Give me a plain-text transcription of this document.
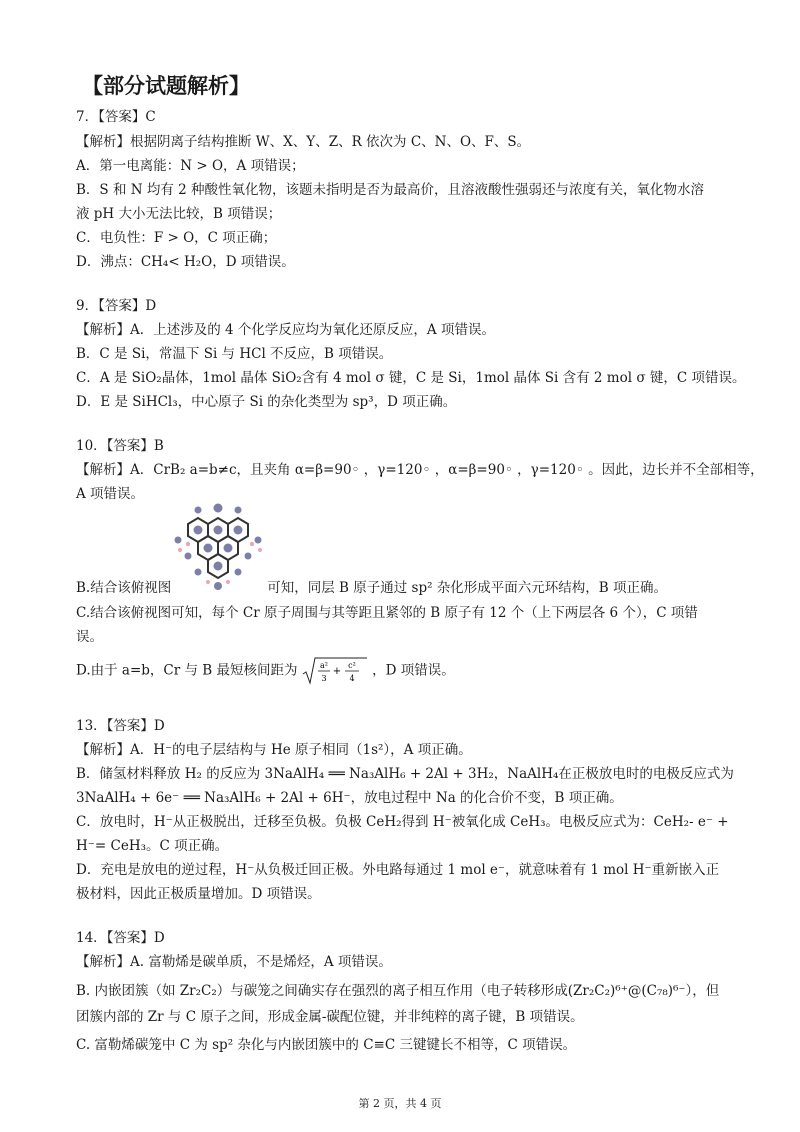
【部分试题解析】
7．【答案】C
【解析】根据阴离子结构推断 W、X、Y、Z、R 依次为 C、N、O、F、S。
A．第一电离能：N > O，A 项错误；
B．S 和 N 均有 2 种酸性氧化物，该题未指明是否为最高价，且溶液酸性强弱还与浓度有关，氧化物水溶
液 pH 大小无法比较，B 项错误；
C．电负性：F > O，C 项正确；
D．沸点：CH₄< H₂O，D 项错误。
9．【答案】D
【解析】A．上述涉及的 4 个化学反应均为氧化还原反应，A 项错误。
B．C 是 Si，常温下 Si 与 HCl 不反应，B 项错误。
C．A 是 SiO₂晶体，1mol 晶体 SiO₂含有 4 mol σ 键，C 是 Si，1mol 晶体 Si 含有 2 mol σ 键，C 项错误。
D．E 是 SiHCl₃，中心原子 Si 的杂化类型为 sp³，D 项正确。
10．【答案】B
【解析】A．CrB₂ a=b≠c，且夹角 α=β=90◦ ，γ=120◦ ，α=β=90◦ ，γ=120◦ 。因此，边长并不全部相等，
A 项错误。
B.结合该俯视图	可知，同层 B 原子通过 sp² 杂化形成平面六元环结构，B 项正确。
C.结合该俯视图可知，每个 Cr 原子周围与其等距且紧邻的 B 原子有 12 个（上下两层各 6 个），C 项错
误。
D.由于 a=b，Cr 与 B 最短核间距为	a²
3
+
c²
4 ，D 项错误。
13．【答案】D
【解析】A．H⁻的电子层结构与 He 原子相同（1s²），A 项正确。
B．储氢材料释放 H₂ 的反应为 3NaAlH₄ ══ Na₃AlH₆ + 2Al + 3H₂，NaAlH₄在正极放电时的电极反应式为
3NaAlH₄ + 6e⁻ ══ Na₃AlH₆ + 2Al + 6H⁻，放电过程中 Na 的化合价不变，B 项正确。
C．放电时，H⁻从正极脱出，迁移至负极。负极 CeH₂得到 H⁻被氧化成 CeH₃。电极反应式为：CeH₂- e⁻ +
H⁻= CeH₃。C 项正确。
D．充电是放电的逆过程，H⁻从负极迁回正极。外电路每通过 1 mol e⁻，就意味着有 1 mol H⁻重新嵌入正
极材料，因此正极质量增加。D 项错误。
14．【答案】D
【解析】A. 富勒烯是碳单质，不是烯烃，A 项错误。
B. 内嵌团簇（如 Zr₂C₂）与碳笼之间确实存在强烈的离子相互作用（电子转移形成(Zr₂C₂)⁶⁺@(C₇₈)⁶⁻），但
团簇内部的 Zr 与 C 原子之间，形成金属-碳配位键，并非纯粹的离子键，B 项错误。
C. 富勒烯碳笼中 C 为 sp² 杂化与内嵌团簇中的 C≡C 三键键长不相等，C 项错误。
第 2 页，共 4 页
